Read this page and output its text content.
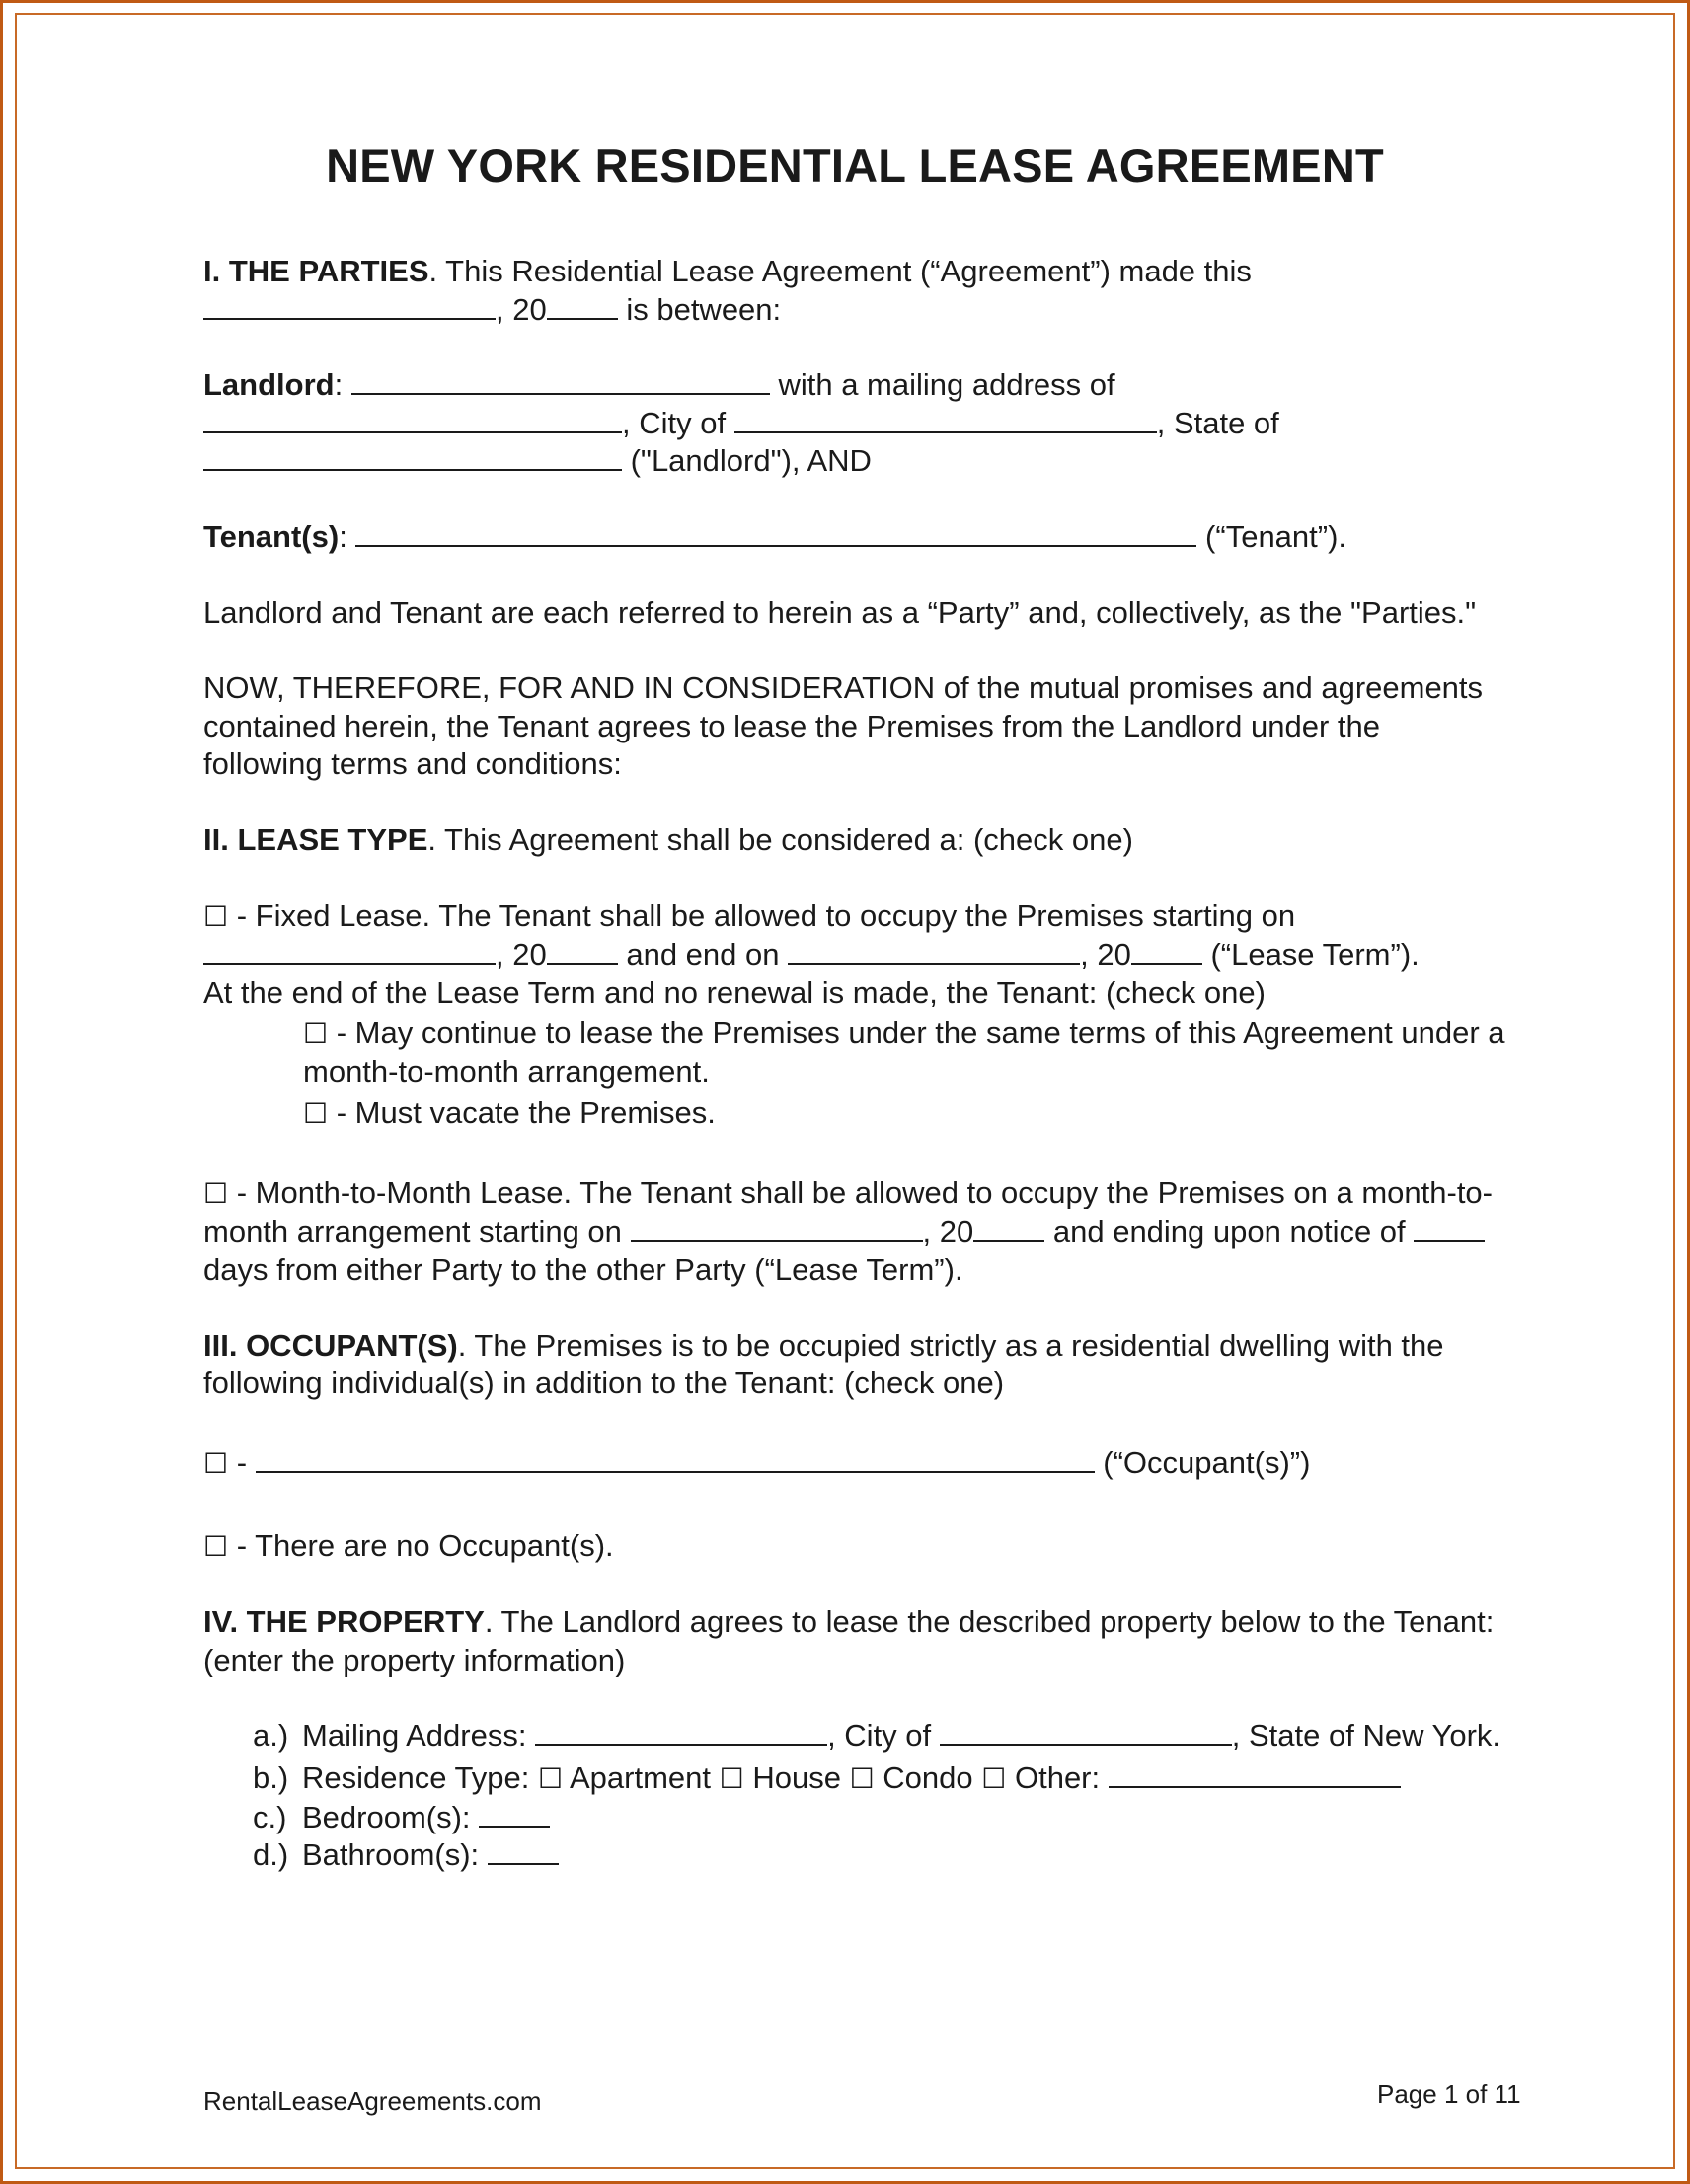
NEW YORK RESIDENTIAL LEASE AGREEMENT

I. THE PARTIES. This Residential Lease Agreement (“Agreement”) made this
, 20 is between:

Landlord:	with a mailing address of
, City of	, State of
("Landlord"), AND

Tenant(s):	(“Tenant”).

Landlord and Tenant are each referred to herein as a “Party” and, collectively, as the "Parties."

NOW, THEREFORE, FOR AND IN CONSIDERATION of the mutual promises and agreements contained herein, the Tenant agrees to lease the Premises from the Landlord under the following terms and conditions:

II. LEASE TYPE. This Agreement shall be considered a: (check one)

☐ - Fixed Lease. The Tenant shall be allowed to occupy the Premises starting on
, 20 and end on	, 20 (“Lease Term”).
At the end of the Lease Term and no renewal is made, the Tenant: (check one)

☐ - May continue to lease the Premises under the same terms of this Agreement under a month-to-month arrangement.

☐ - Must vacate the Premises.

☐ - Month-to-Month Lease. The Tenant shall be allowed to occupy the Premises on a month-to-month arrangement starting on	, 20 and ending upon notice of  days from either Party to the other Party (“Lease Term”).

III. OCCUPANT(S). The Premises is to be occupied strictly as a residential dwelling with the following individual(s) in addition to the Tenant: (check one)

☐ -	(“Occupant(s)”)

☐ - There are no Occupant(s).

IV. THE PROPERTY. The Landlord agrees to lease the described property below to the Tenant: (enter the property information)

a.) Mailing Address:	, City of	, State of New York.
b.) Residence Type: ☐ Apartment ☐ House ☐ Condo ☐ Other:
c.) Bedroom(s):
d.) Bathroom(s):
RentalLeaseAgreements.com	Page 1 of 11
